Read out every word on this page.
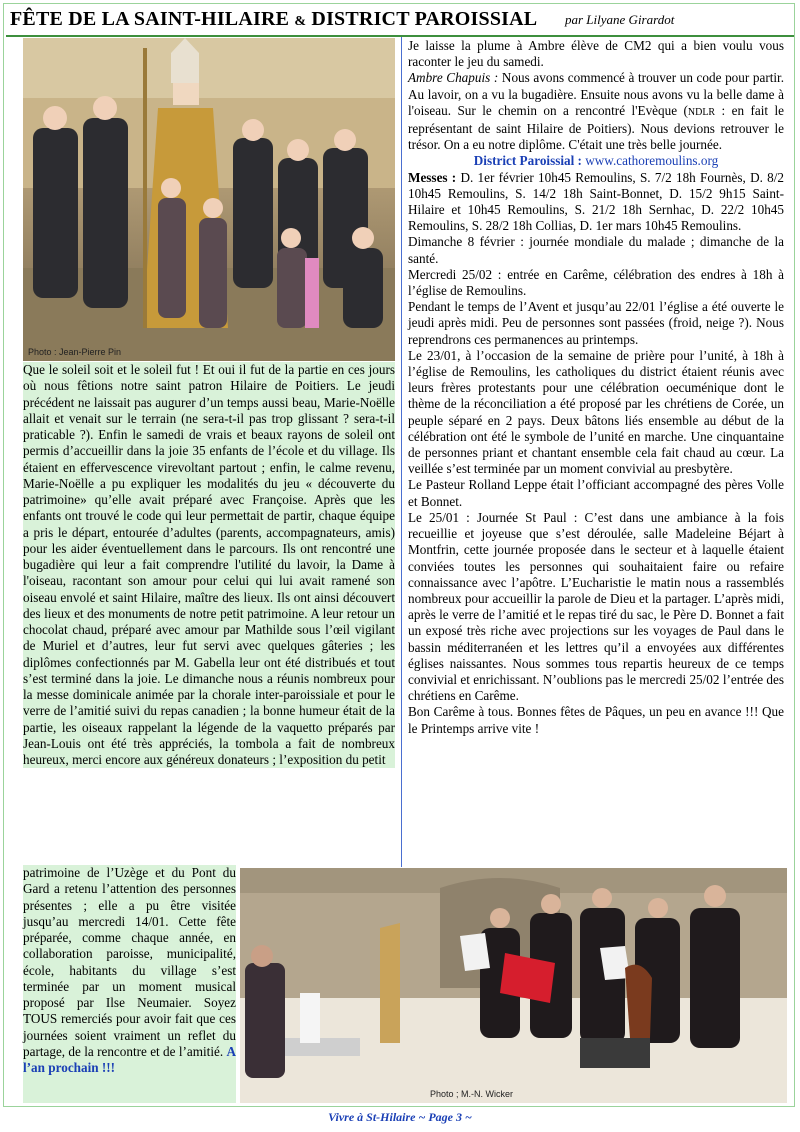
FÊTE DE LA SAINT-HILAIRE & DISTRICT PAROISSIAL par Lilyane Girardot
Photo : Jean-Pierre Pin

Que le soleil soit et le soleil fut ! Et oui il fut de la partie en ces jours où nous fêtions notre saint patron Hilaire de Poitiers. Le jeudi précédent ne laissait pas augurer d’un temps aussi beau, Marie-Noëlle allait et venait sur le terrain (ne sera-t-il pas trop glissant ? sera-t-il praticable ?). Enfin le samedi de vrais et beaux rayons de soleil ont permis d’accueillir dans la joie 35 enfants de l’école et du village. Ils étaient en effervescence virevoltant partout ; enfin, le calme revenu, Marie-Noëlle a pu expliquer les modalités du jeu « découverte du patrimoine» qu’elle avait préparé avec Françoise. Après que les enfants ont trouvé le code qui leur permettait de partir, chaque équipe a pris le départ, entourée d’adultes (parents, accompagnateurs, amis) pour les aider éventuellement dans le parcours. Ils ont rencontré une bugadière qui leur a fait comprendre l'utilité du lavoir, la Dame à l'oiseau, racontant son amour pour celui qui lui avait ramené son oiseau envolé et saint Hilaire, maître des lieux. Ils ont ainsi découvert des lieux et des monuments de notre petit patrimoine. A leur retour un chocolat chaud, préparé avec amour par Mathilde sous l’œil vigilant de Muriel et d’autres, leur fut servi avec quelques gâteries ; les diplômes confectionnés par M. Gabella leur ont été distribués et tout s’est terminé dans la joie. Le dimanche nous a réunis nombreux pour la messe dominicale animée par la chorale inter-paroissiale et pour le verre de l’amitié suivi du repas canadien ; la bonne humeur était de la partie, les oiseaux rappelant la légende de la vaquetto préparés par Jean-Louis ont été très appréciés, la tombola a fait de nombreux heureux, merci encore aux généreux donateurs ; l’exposition du petit

patrimoine de l’Uzège et du Pont du Gard a retenu l’attention des personnes présentes ; elle a pu être visitée jusqu’au mercredi 14/01. Cette fête préparée, comme chaque année, en collaboration paroisse, municipalité, école, habitants du village s’est terminée par un moment musical proposé par Ilse Neumaier. Soyez TOUS remerciés pour avoir fait que ces journées soient vraiment un reflet du partage, de la rencontre et de l’amitié. A l’an prochain !!!

Photo ; M.-N. Wicker

Je laisse la plume à Ambre élève de CM2 qui a bien voulu vous raconter le jeu du samedi.

Ambre Chapuis : Nous avons commencé à trouver un code pour partir. Au lavoir, on a vu la bugadière. Ensuite nous avons vu la belle dame à l'oiseau. Sur le chemin on a rencontré l'Evèque (NDLR : en fait le représentant de saint Hilaire de Poitiers). Nous devions retrouver le trésor. On a eu notre diplôme. C'était une très belle journée.

District Paroissial : www.cathoremoulins.org

Messes : D. 1er février 10h45 Remoulins, S. 7/2 18h Fournès, D. 8/2 10h45 Remoulins, S. 14/2 18h Saint-Bonnet, D. 15/2 9h15 Saint-Hilaire et 10h45 Remoulins, S. 21/2 18h Sernhac, D. 22/2 10h45 Remoulins, S. 28/2 18h Collias, D. 1er mars 10h45 Remoulins.

Dimanche 8 février : journée mondiale du malade ; dimanche de la santé.

Mercredi 25/02 : entrée en Carême, célébration des endres à 18h à l’église de Remoulins.

Pendant le temps de l’Avent et jusqu’au 22/01 l’église a été ouverte le jeudi après midi. Peu de personnes sont passées (froid, neige ?). Nous reprendrons ces permanences au printemps.

Le 23/01, à l’occasion de la semaine de prière pour l’unité, à 18h à l’église de Remoulins, les catholiques du district étaient réunis avec leurs frères protestants pour une célébration oecuménique dont le thème de la réconciliation a été proposé par les chrétiens de Corée, un peuple séparé en 2 pays. Deux bâtons liés ensemble au début de la célébration ont été le symbole de l’unité en marche. Une cinquantaine de personnes priant et chantant ensemble cela fait chaud au cœur. La veillée s’est terminée par un moment convivial au presbytère.

Le Pasteur Rolland Leppe était l’officiant accompagné des pères Volle et Bonnet.

Le 25/01 : Journée St Paul : C’est dans une ambiance à la fois recueillie et joyeuse que s’est déroulée, salle Madeleine Béjart à Montfrin, cette journée proposée dans le secteur et à laquelle étaient conviées toutes les personnes qui souhaitaient faire ou refaire connaissance avec l’apôtre. L’Eucharistie le matin nous a rassemblés nombreux pour accueillir la parole de Dieu et la partager. L’après midi, après le verre de l’amitié et le repas tiré du sac, le Père D. Bonnet a fait un exposé très riche avec projections sur les voyages de Paul dans le bassin méditerranéen et les lettres qu’il a envoyées aux différentes églises naissantes. Nous sommes tous repartis heureux de ce temps convivial et enrichissant. N’oublions pas le mercredi 25/02 l’entrée des chrétiens en Carême.

Bon Carême à tous. Bonnes fêtes de Pâques, un peu en avance !!! Que le Printemps arrive vite !

Vivre à St-Hilaire ~ Page 3 ~
